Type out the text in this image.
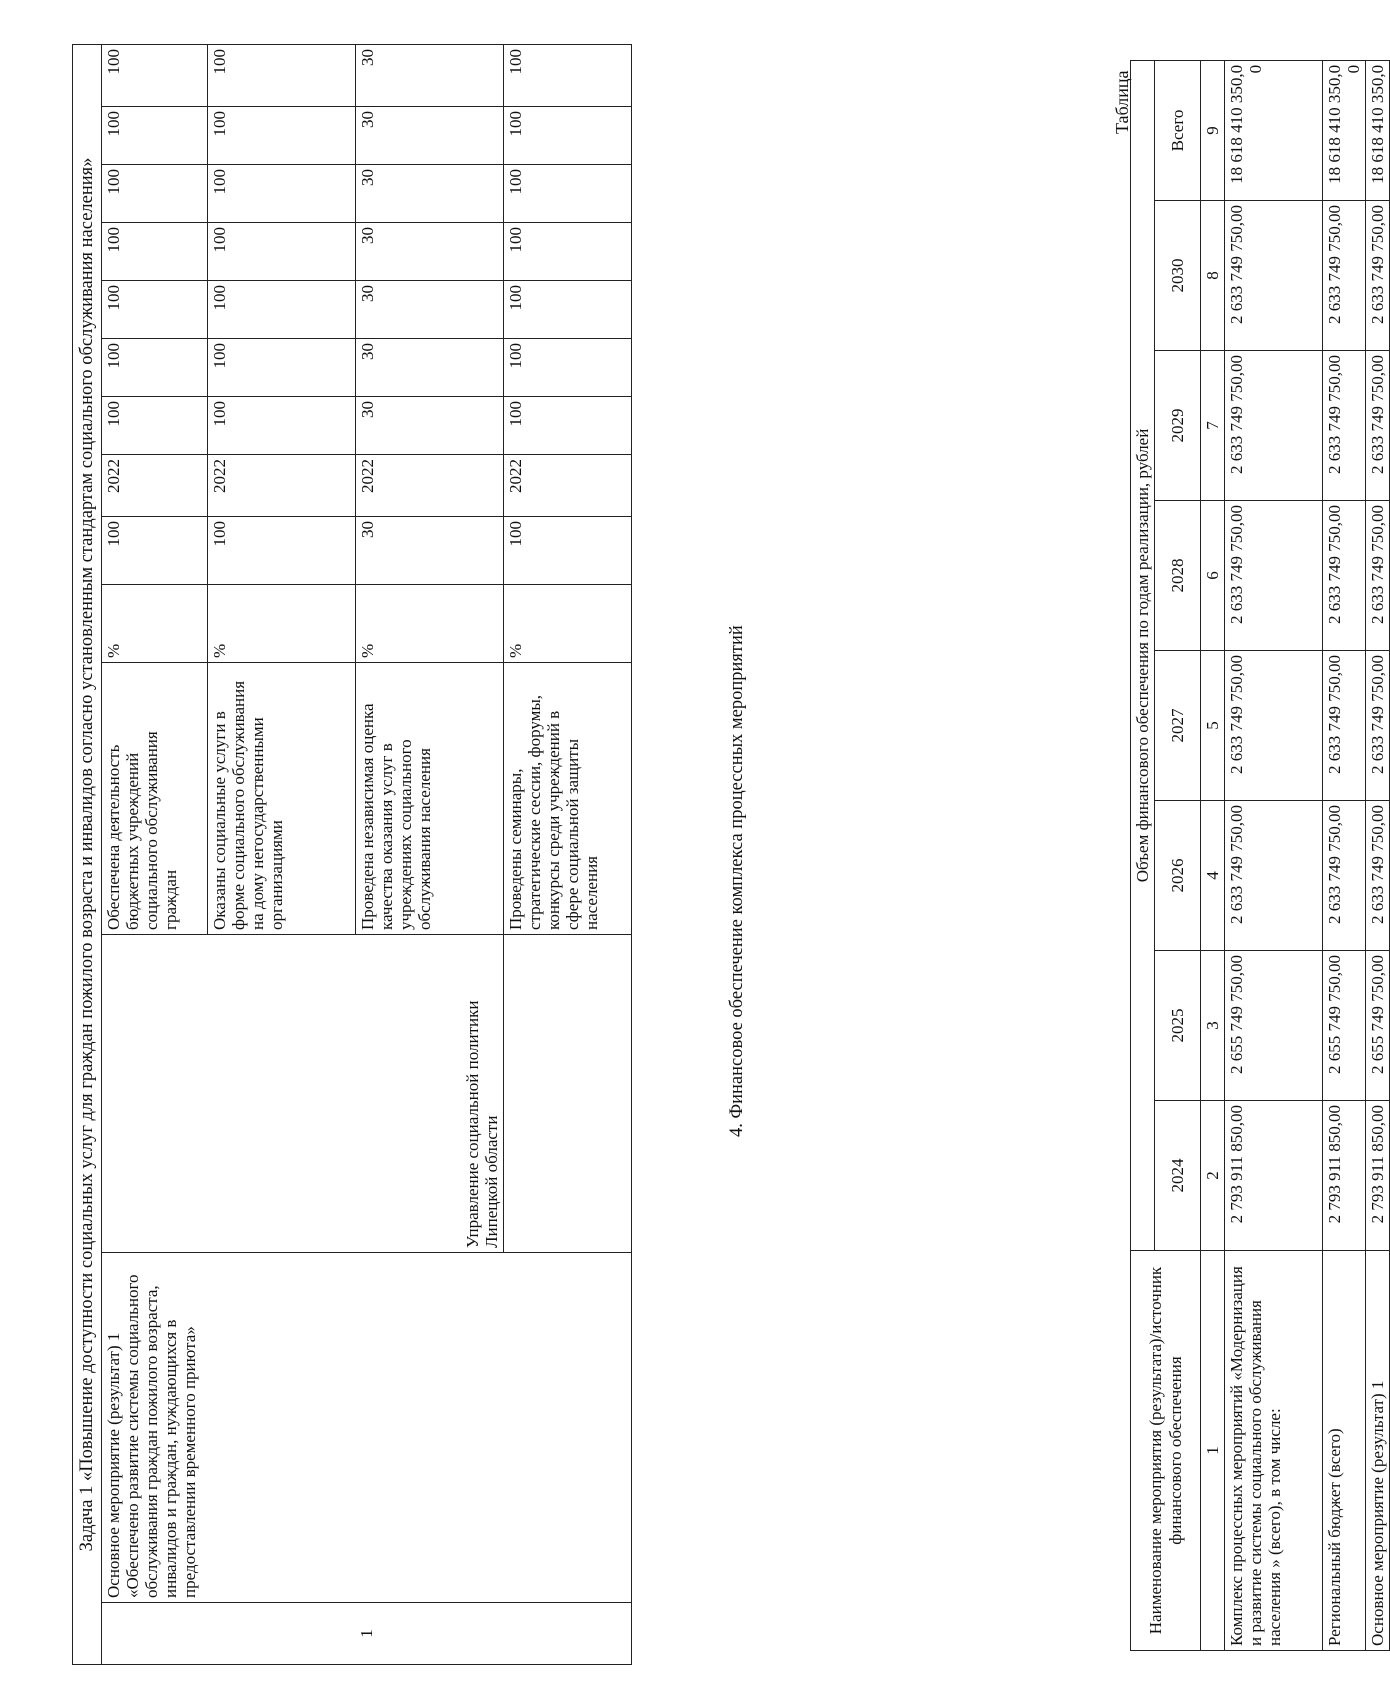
Задача 1 «Повышение доступности социальных услуг для граждан пожилого возраста и инвалидов согласно установленным стандартам социального обслуживания населения»													
1	Основное мероприятие (результат) 1 «Обеспечено развитие системы социального обслуживания граждан пожилого возраста, инвалидов и граждан, нуждающихся в предоставлении временного приюта»	Управление социальной политики Липецкой области	Обеспечена деятельность бюджетных учреждений социального обслуживания граждан	%	100	2022	100	100	100	100	100	100	100
			Оказаны социальные услуги в форме социального обслуживания на дому негосударственными организациями	%	100	2022	100	100	100	100	100	100	100
			Проведена независимая оценка качества оказания услуг в учреждениях социального обслуживания населения	%	30	2022	30	30	30	30	30	30	30
			Проведены семинары, стратегические сессии, форумы, конкурсы среди учреждений в сфере социальной защиты населения	%	100	2022	100	100	100	100	100	100	100
4. Финансовое обеспечение комплекса процессных мероприятий
Таблица
Наименование мероприятия (результата)/источник финансового обеспечения	Объем финансового обеспечения по годам реализации, рублей							
	2024	2025	2026	2027	2028	2029	2030	Всего
1	2	3	4	5	6	7	8	9
Комплекс процессных мероприятий «Модернизация и развитие системы социального обслуживания населения » (всего), в том числе:	2 793 911 850,00	2 655 749 750,00	2 633 749 750,00	2 633 749 750,00	2 633 749 750,00	2 633 749 750,00	2 633 749 750,00	18 618 410 350,0 0

Региональный бюджет (всего)	2 793 911 850,00	2 655 749 750,00	2 633 749 750,00	2 633 749 750,00	2 633 749 750,00	2 633 749 750,00	2 633 749 750,00	18 618 410 350,0 0

Основное мероприятие (результат) 1	2 793 911 850,00	2 655 749 750,00	2 633 749 750,00	2 633 749 750,00	2 633 749 750,00	2 633 749 750,00	2 633 749 750,00	18 618 410 350,0
